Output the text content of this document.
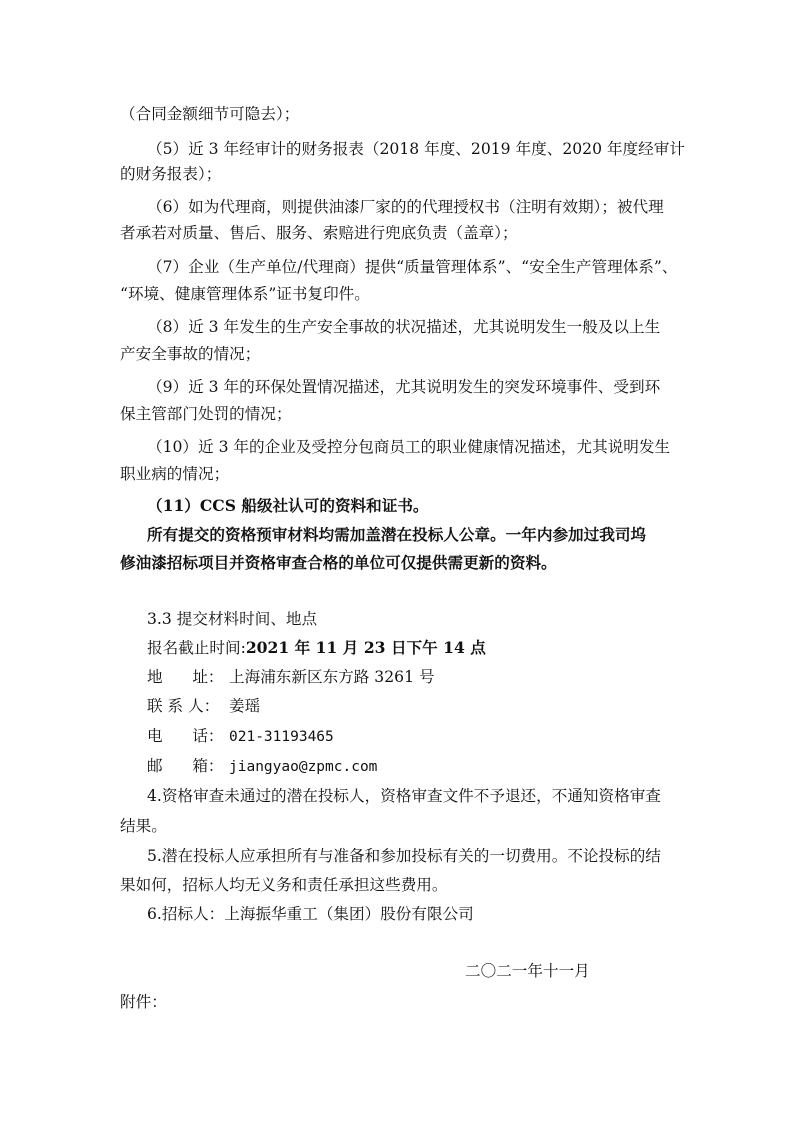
（合同金额细节可隐去）；
（5）近 3 年经审计的财务报表（2018 年度、2019 年度、2020 年度经审计
的财务报表）；
（6）如为代理商，则提供油漆厂家的的代理授权书（注明有效期）；被代理
者承若对质量、售后、服务、索赔进行兜底负责（盖章）；
（7）企业（生产单位/代理商）提供“质量管理体系”、“安全生产管理体系”、
“环境、健康管理体系”证书复印件。
（8）近 3 年发生的生产安全事故的状况描述，尤其说明发生一般及以上生
产安全事故的情况；
（9）近 3 年的环保处置情况描述，尤其说明发生的突发环境事件、受到环
保主管部门处罚的情况；
（10）近 3 年的企业及受控分包商员工的职业健康情况描述，尤其说明发生
职业病的情况；
（11）CCS 船级社认可的资料和证书。
所有提交的资格预审材料均需加盖潜在投标人公章。一年内参加过我司坞
修油漆招标项目并资格审查合格的单位可仅提供需更新的资料。
3.3 提交材料时间、地点
报名截止时间:2021 年 11 月 23 日下午 14 点
地      址： 上海浦东新区东方路 3261 号
联 系 人： 姜瑶
电      话： 021-31193465
邮      箱： jiangyao@zpmc.com
4.资格审查未通过的潜在投标人，资格审查文件不予退还，不通知资格审查
结果。
5.潜在投标人应承担所有与准备和参加投标有关的一切费用。不论投标的结
果如何，招标人均无义务和责任承担这些费用。
6.招标人：上海振华重工（集团）股份有限公司
二〇二一年十一月
附件：
